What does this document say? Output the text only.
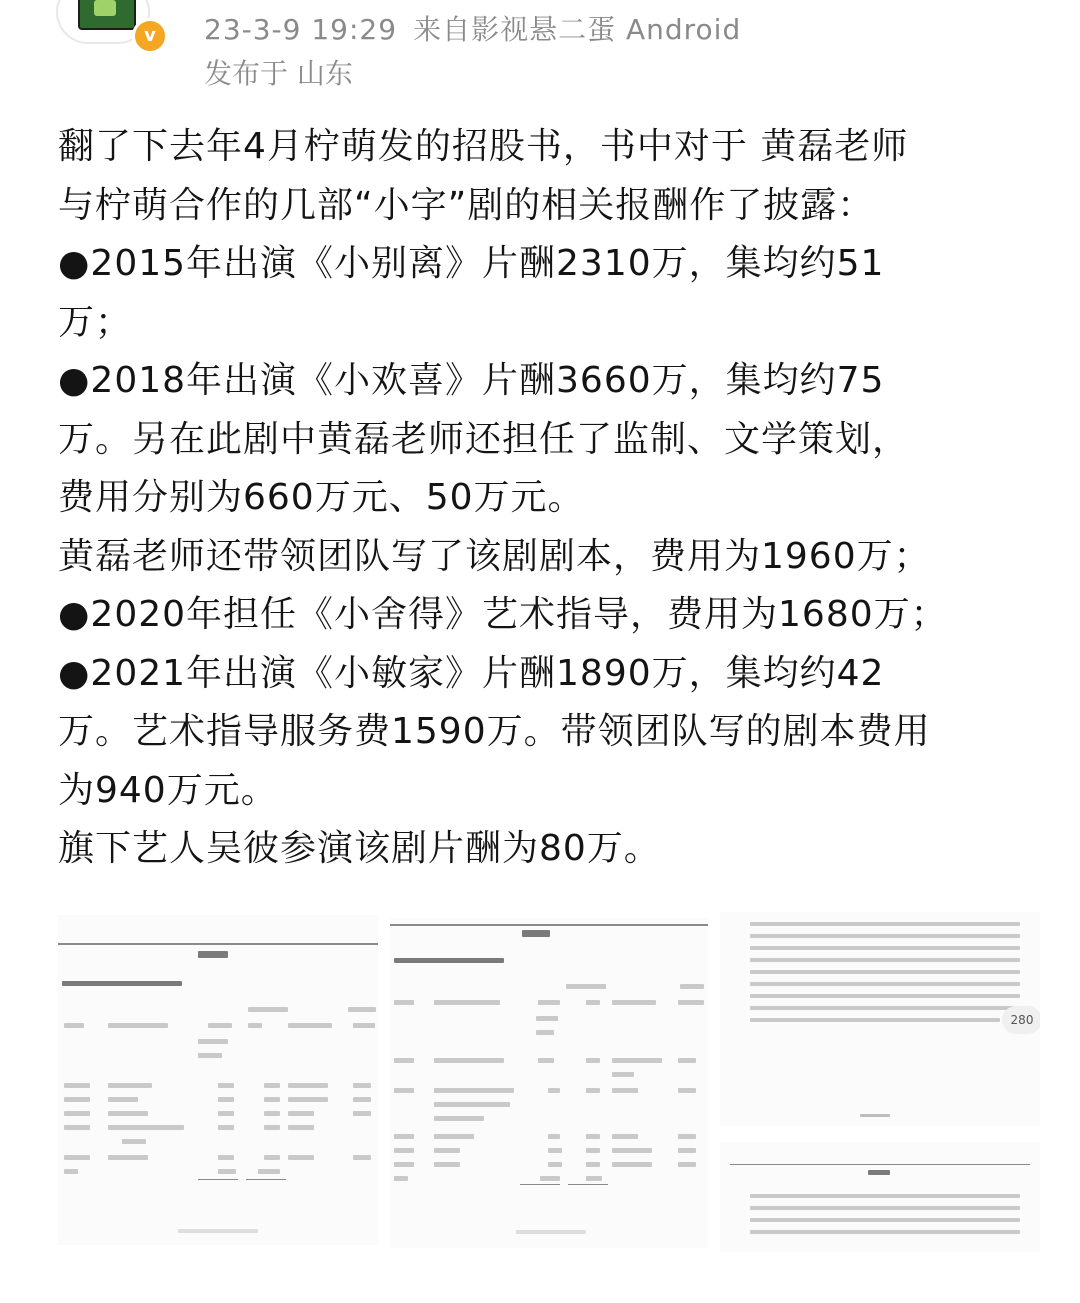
v	23-3-9 19:29 来自影视悬二蛋 Android
发布于 山东

翻了下去年4月柠萌发的招股书，书中对于 黄磊老师

与柠萌合作的几部“小字”剧的相关报酬作了披露：

●2015年出演《小别离》片酬2310万，集均约51

万；

●2018年出演《小欢喜》片酬3660万，集均约75

万。另在此剧中黄磊老师还担任了监制、文学策划，

费用分别为660万元、50万元。

黄磊老师还带领团队写了该剧剧本，费用为1960万；

●2020年担任《小舍得》艺术指导，费用为1680万；

●2021年出演《小敏家》片酬1890万，集均约42

万。艺术指导服务费1590万。带领团队写的剧本费用

为940万元。

旗下艺人吴彼参演该剧片酬为80万。

280
